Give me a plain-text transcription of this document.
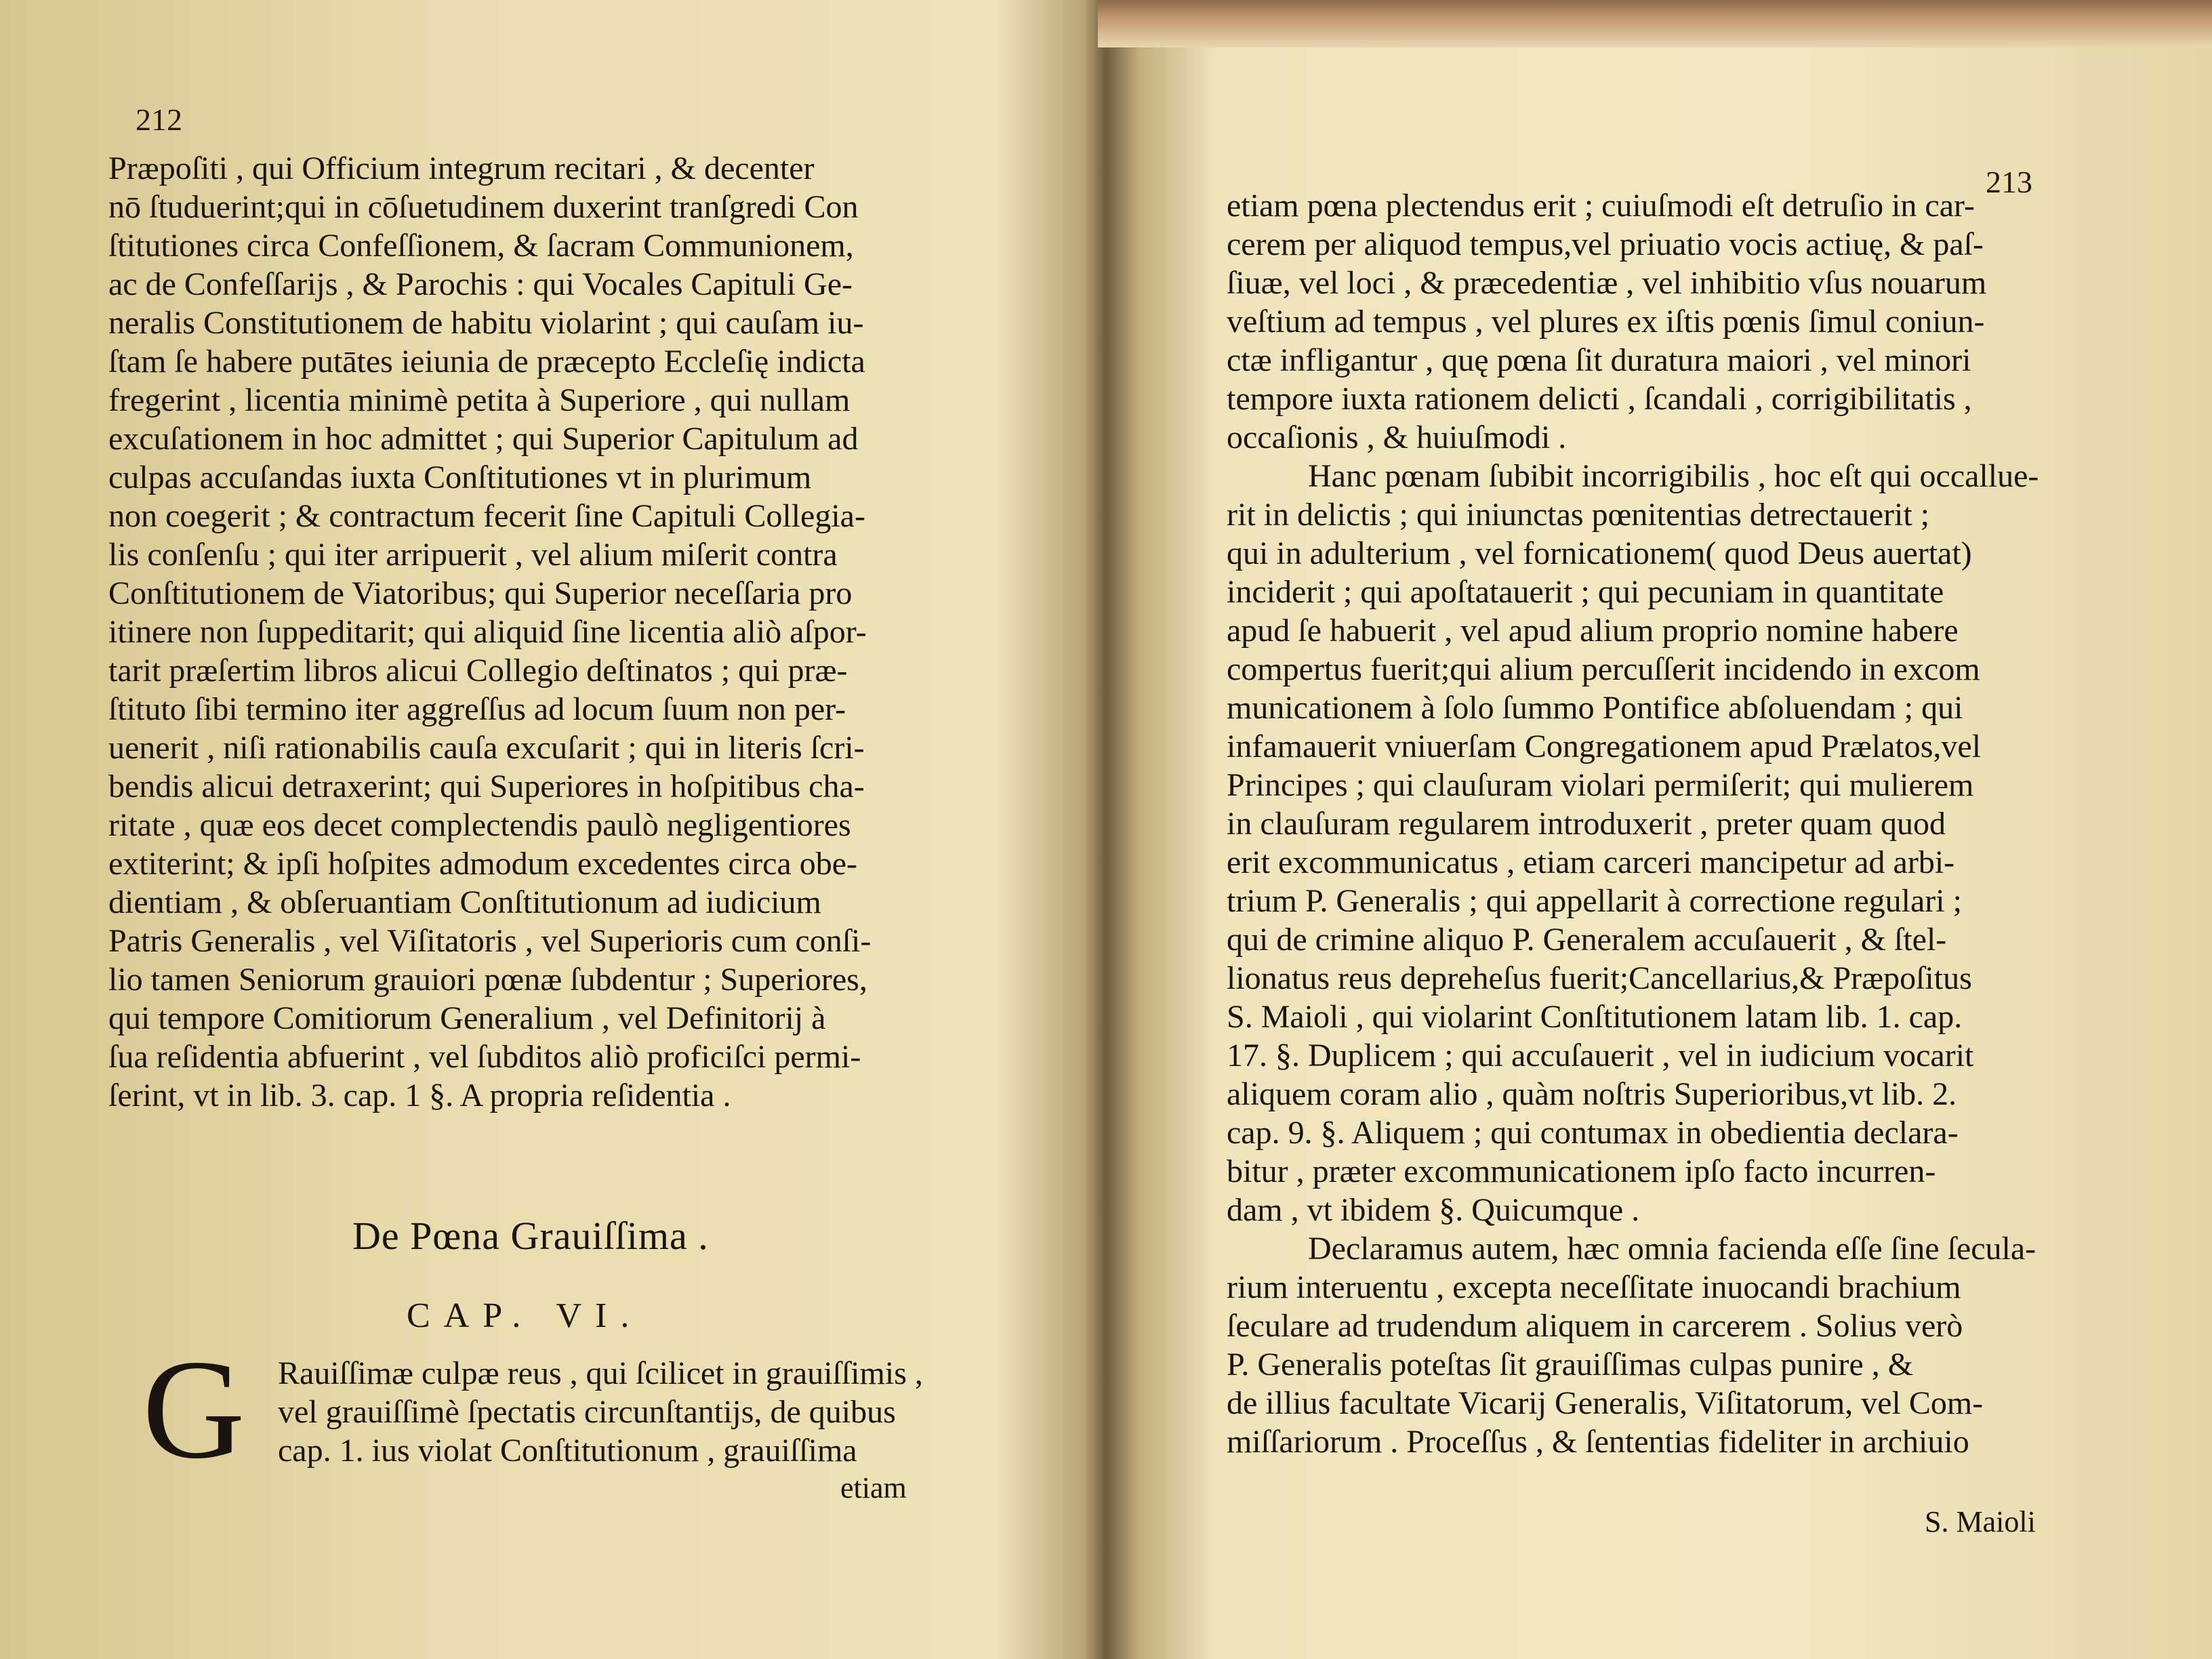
212
Præpoſiti , qui Officium integrum recitari , & decenter
nō ſtuduerint;qui in cōſuetudinem duxerint tranſgredi Con
ſtitutiones circa Confeſſionem, & ſacram Communionem,
ac de Confeſſarijs , & Parochis : qui Vocales Capituli Ge-
neralis Constitutionem de habitu violarint ; qui cauſam iu-
ſtam ſe habere putātes ieiunia de præcepto Eccleſię indicta
fregerint , licentia minimè petita à Superiore , qui nullam
excuſationem in hoc admittet ; qui Superior Capitulum ad
culpas accuſandas iuxta Conſtitutiones vt in plurimum
non coegerit ; & contractum fecerit ſine Capituli Collegia-
lis conſenſu ; qui iter arripuerit , vel alium miſerit contra
Conſtitutionem de Viatoribus; qui Superior neceſſaria pro
itinere non ſuppeditarit; qui aliquid ſine licentia aliò aſpor-
tarit præſertim libros alicui Collegio deſtinatos ; qui præ-
ſtituto ſibi termino iter aggreſſus ad locum ſuum non per-
uenerit , niſi rationabilis cauſa excuſarit ; qui in literis ſcri-
bendis alicui detraxerint; qui Superiores in hoſpitibus cha-
ritate , quæ eos decet complectendis paulò negligentiores
extiterint; & ipſi hoſpites admodum excedentes circa obe-
dientiam , & obſeruantiam Conſtitutionum ad iudicium
Patris Generalis , vel Viſitatoris , vel Superioris cum conſi-
lio tamen Seniorum grauiori pœnæ ſubdentur ; Superiores,
qui tempore Comitiorum Generalium , vel Definitorij à
ſua reſidentia abfuerint , vel ſubditos aliò proficiſci permi-
ſerint, vt in lib. 3. cap. 1 §. A propria reſidentia .
De Pœna Grauiſſima .
CAP. VI.
G Rauiſſimæ culpæ reus , qui ſcilicet in grauiſſimis ,
vel grauiſſimè ſpectatis circunſtantijs, de quibus
cap. 1. ius violat Conſtitutionum , grauiſſima
etiam
213
etiam pœna plectendus erit ; cuiuſmodi eſt detruſio in car-
cerem per aliquod tempus,vel priuatio vocis actiuę, & paſ-
ſiuæ, vel loci , & præcedentiæ , vel inhibitio vſus nouarum
veſtium ad tempus , vel plures ex iſtis pœnis ſimul coniun-
ctæ infligantur , quę pœna ſit duratura maiori , vel minori
tempore iuxta rationem delicti , ſcandali , corrigibilitatis ,
occaſionis , & huiuſmodi .
Hanc pœnam ſubibit incorrigibilis , hoc eſt qui occallue-
rit in delictis ; qui iniunctas pœnitentias detrectauerit ;
qui in adulterium , vel fornicationem( quod Deus auertat)
inciderit ; qui apoſtatauerit ; qui pecuniam in quantitate
apud ſe habuerit , vel apud alium proprio nomine habere
compertus fuerit;qui alium percuſſerit incidendo in excom
municationem à ſolo ſummo Pontifice abſoluendam ; qui
infamauerit vniuerſam Congregationem apud Prælatos,vel
Principes ; qui clauſuram violari permiſerit; qui mulierem
in clauſuram regularem introduxerit , preter quam quod
erit excommunicatus , etiam carceri mancipetur ad arbi-
trium P. Generalis ; qui appellarit à correctione regulari ;
qui de crimine aliquo P. Generalem accuſauerit , & ſtel-
lionatus reus depreheſus fuerit;Cancellarius,& Præpoſitus
S. Maioli , qui violarint Conſtitutionem latam lib. 1. cap.
17. §. Duplicem ; qui accuſauerit , vel in iudicium vocarit
aliquem coram alio , quàm noſtris Superioribus,vt lib. 2.
cap. 9. §. Aliquem ; qui contumax in obedientia declara-
bitur , præter excommunicationem ipſo facto incurren-
dam , vt ibidem §. Quicumque .
Declaramus autem, hæc omnia facienda eſſe ſine ſecula-
rium interuentu , excepta neceſſitate inuocandi brachium
ſeculare ad trudendum aliquem in carcerem . Solius verò
P. Generalis poteſtas ſit grauiſſimas culpas punire , &
de illius facultate Vicarij Generalis, Viſitatorum, vel Com-
miſſariorum . Proceſſus , & ſententias fideliter in archiuio
S. Maioli
